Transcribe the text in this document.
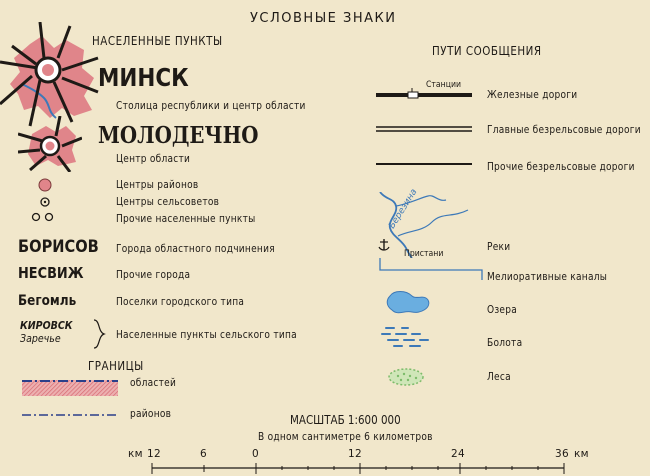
УСЛОВНЫЕ ЗНАКИ
НАСЕЛЕННЫЕ ПУНКТЫ
МИНСК
Столица республики и центр области
МОЛОДЕЧНО
Центр области
Центры районов
Центры сельсоветов
Прочие населенные пункты
БОРИСОВ Города областного подчинения
НЕСВИЖ	Прочие города
Бегомль	Поселки городского типа
КИРОВСК
Заречье	Населенные пункты сельского типа
ГРАНИЦЫ
областей
районов
ПУТИ СООБЩЕНИЯ
Станции
Железные дороги
Главные безрельсовые дороги
Прочие безрельсовые дороги
Березина
Пристани
Реки
Мелиоративные каналы
Озера
Болота
Леса
МАСШТАБ 1:600 000
В одном сантиметре 6 километров
км 12	6	0	12	24	36 км
